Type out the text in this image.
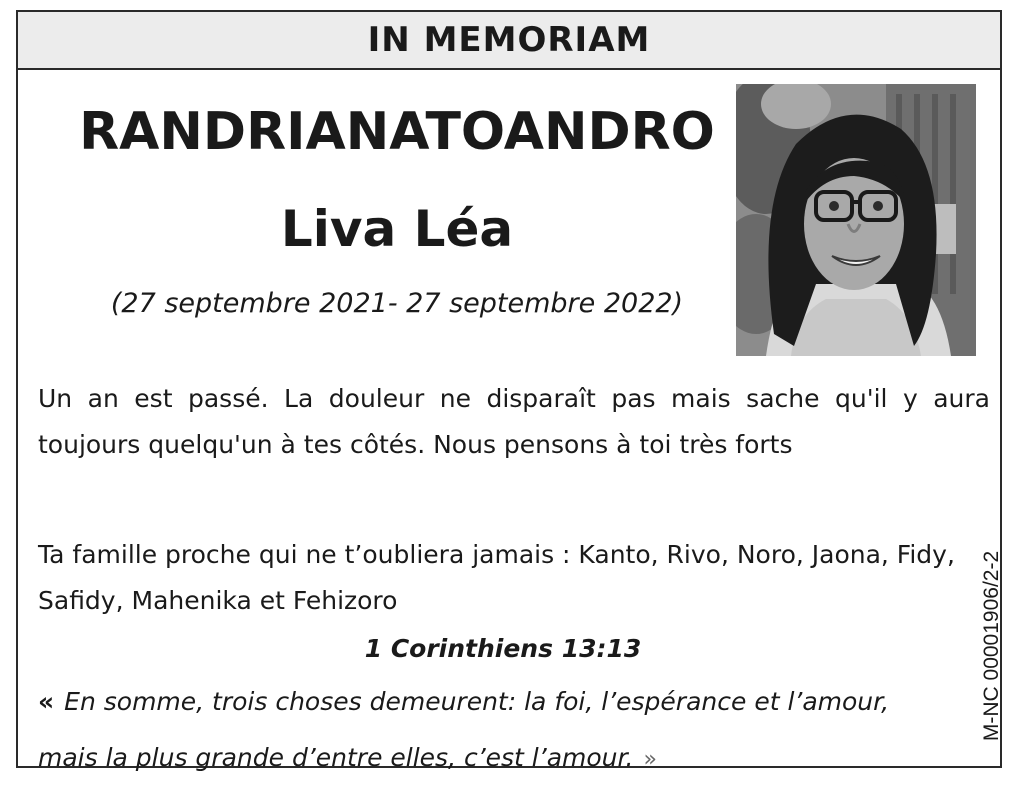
IN MEMORIAM
RANDRIANATOANDRO
Liva Léa
(27 septembre 2021- 27 septembre 2022)
Un an est passé. La douleur ne disparaît pas mais sache qu'il y aura toujours quelqu'un à tes côtés. Nous pensons à toi très forts
Ta famille proche qui ne t’oubliera jamais : Kanto, Rivo, Noro, Jaona, Fidy, Safidy, Mahenika et Fehizoro
1 Corinthiens 13:13
« En somme, trois choses demeurent: la foi, l’espérance et l’amour, mais la plus grande d’entre elles, c’est l’amour. »
M-NC 00001906/2-2
